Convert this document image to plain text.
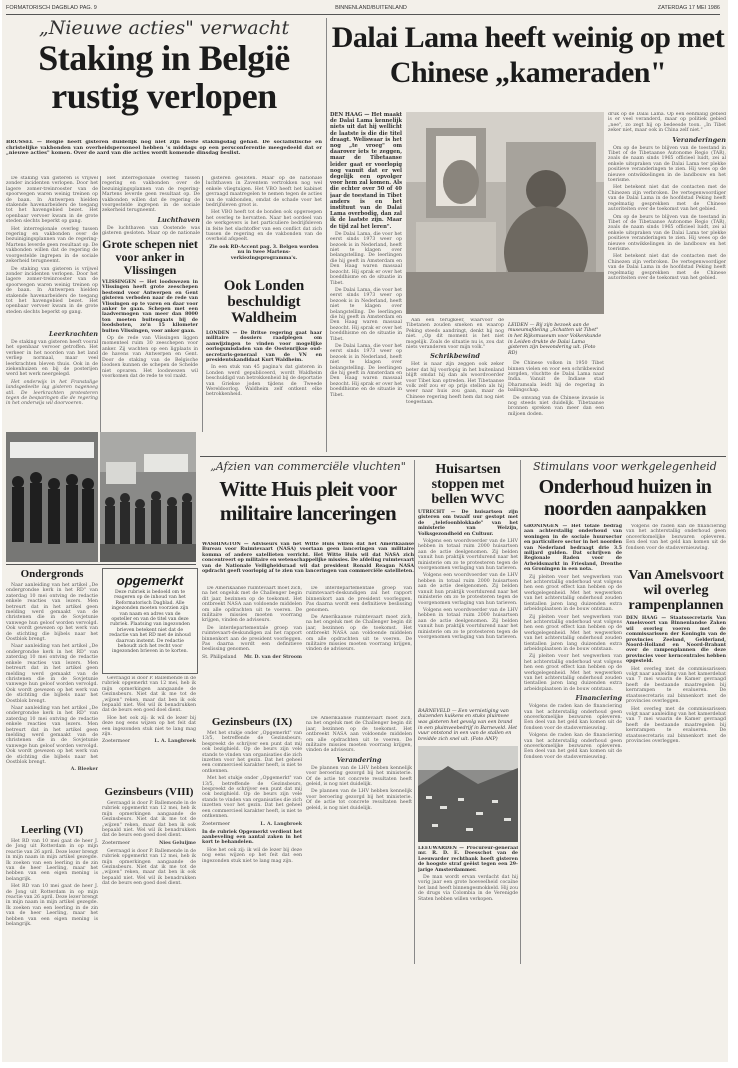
FORMATORISCH DAGBLAD PAG. 9	BINNENLAND/BUITENLAND	ZATERDAG 17 MEI 1986
„Nieuwe acties" verwacht
Staking in België
rustig verlopen

BRUSSEL — België heeft gisteren duidelijk nog niet zijn beste stakingsdag gehad. De socialistische en christelijke vakbonden van overheidspersoneel hebben 's middags op een persconferentie meegedeeld dat er „nieuwe acties" komen. Over de aard van die acties wordt komende dinsdag beslist.

De staking van gisteren is vrijwel zonder incidenten verlopen. Door het lagere zomer-treinrooster van de spoorwegen waren weinig treinen op de baan. In Antwerpen hielden stakende havenarbeiders de toegang tot het havengebied bezet. Het openbaar vervoer kwam in de grote steden slechts beperkt op gang.

Het interregionale overleg tussen regering en vakbonden over de bezuinigingsplannen van de regering-Martens leverde geen resultaat op. De vakbonden willen dat de regering de voorgestelde ingrepen in de sociale zekerheid terugneemt.

De staking van gisteren is vrijwel zonder incidenten verlopen. Door het lagere zomer-treinrooster van de spoorwegen waren weinig treinen op de baan. In Antwerpen hielden stakende havenarbeiders de toegang tot het havengebied bezet. Het openbaar vervoer kwam in de grote steden slechts beperkt op gang.

Het interregionale overleg tussen regering en vakbonden over de bezuinigingsplannen van de regering-Martens leverde geen resultaat op. De vakbonden willen dat de regering de voorgestelde ingrepen in de sociale zekerheid terugneemt.

Luchthaven

De luchthaven van Oostende was gisteren gesloten. Maar op de nationale

Leerkrachten

De staking van gisteren heeft vooral het openbaar vervoer getroffen. Het verkeer in het noorden van het land verliep normaal, maar veel leerkrachten bleven thuis. Ook in de ziekenhuizen en bij de posterijen werd het werk neergelegd.

Het onderwijs in het Franstalige landsgedeelte lag gisteren nagenoeg stil. De leerkrachten protesteren tegen de besparingen die de regering in het onderwijs wil doorvoeren.

Grote schepen niet voor anker in Vlissingen

VLISSINGEN — Het loodswezen in Vlissingen heeft grote zeeschepen bestemd voor Antwerpen en Gent gisteren verboden naar de rede van Vlissingen op te varen en daar voor anker te gaan. Schepen met een laadvermogen van meer dan 8000 ton moeten buitengaats bij de loodsboten, zo'n 15 kilometer buiten Vlissingen, voor anker gaan.

Op de rede van Vlissingen liggen momenteel ruim 30 zeeschepen voor anker. Zij wachten op een ligplaats in de havens van Antwerpen en Gent. Door de staking van de Belgische loodsen kunnen de schepen de Schelde niet opvaren. Het loodswezen wil voorkomen dat de rede te vol raakt.

gisteren gesloten. Maar op de nationale luchthaven in Zaventem vertrokken nog wel enkele vliegtuigen. Het VBO heeft het kabinet gevraagd maatregelen te nemen tegen de acties van de vakbonden, omdat de schade voor het bedrijfsleven groot is.

Het VBO heeft tot de bonden ook opgeroepen het overleg te hervatten. Naar het oordeel van de werkgevers is het particuliere bedrijfsleven in feite het slachtoffer van een conflict dat zich tussen de regering en de vakbonden van de overheid afspeelt.

Zie ook RD-Accent pag. 3. Belgen worden nu in twee Martens-verkiezingsprogramma's.

Ook Londen beschuldigt Waldheim

LONDEN — De Britse regering gaat haar militaire dossiers raadplegen om aanwijzingen te vinden voor mogelijke oorlogsmisdaden van de Oostenrijkse oud-secretaris-generaal van de VN en presidentskandidaat Kurt Waldheim.

In een stuk van 45 pagina's dat gisteren in Londen werd gepubliceerd, wordt Waldheim beschuldigd van betrokkenheid bij de deportatie van Griekse joden tijdens de Tweede Wereldoorlog. Waldheim zelf ontkent elke betrokkenheid.

Ondergronds

Naar aanleiding van het artikel „De ondergrondse kerk in het RD" van zaterdag 10 mei ontving de redactie enkele reacties van lezers. Men betreurt dat in het artikel geen melding werd gemaakt van de christenen die in de Sovjetunie vanwege hun geloof worden vervolgd. Ook wordt gewezen op het werk van de stichting die bijbels naar het Oostblok brengt.

Naar aanleiding van het artikel „De ondergrondse kerk in het RD" van zaterdag 10 mei ontving de redactie enkele reacties van lezers. Men betreurt dat in het artikel geen melding werd gemaakt van de christenen die in de Sovjetunie vanwege hun geloof worden vervolgd. Ook wordt gewezen op het werk van de stichting die bijbels naar het Oostblok brengt.

Naar aanleiding van het artikel „De ondergrondse kerk in het RD" van zaterdag 10 mei ontving de redactie enkele reacties van lezers. Men betreurt dat in het artikel geen melding werd gemaakt van de christenen die in de Sovjetunie vanwege hun geloof worden vervolgd. Ook wordt gewezen op het werk van de stichting die bijbels naar het Oostblok brengt.

A. Bleeker
Leerling (VI)

Het RD van 10 mei gaat de heer J. de Jong uit Rotterdam in op mijn reactie van 26 april. Deze lezer brengt in mijn naam in mijn artikel gezegde. Ik zoeken van een leerling in de zin van de heer Leerling, maar het hebben van een eigen mening is belangrijk.

Het RD van 10 mei gaat de heer J. de Jong uit Rotterdam in op mijn reactie van 26 april. Deze lezer brengt in mijn naam in mijn artikel gezegde. Ik zoeken van een leerling in de zin van de heer Leerling, maar het hebben van een eigen mening is belangrijk.

opgemerkt
Deze rubriek is bedoeld om te reageren op de inhoud van het Reformatorisch Dagblad. Alle ingezonden moeten voorzien zijn van naam en adres van de opsteller en van de titel van deze rubriek. Plaatsing van ingezonden brieven betekent niet dat de redactie van het RD met de inhoud daarvan instemt. De redactie behoudt zich het recht voor ingezonden brieven in te korten.

Gevraagd is door P. Ballemende in de rubriek opgemerkt van 12 mei, heb ik mijn opmerkingen aangaande de Gezinsbeurs. Niet dat ik me tot de „wijzen" reken, maar dat ben ik ook bepaald niet. Wel wil ik benadrukken dat de beurs een goed doel dient.

Hoe het ook zij: ik wil de lezer bij deze nog eens wijzen op het feit dat een ingezonden stuk niet te lang mag zijn.

Zoetermeer	L. A. Langbroek
Gezinsbeurs (VIII)

Gevraagd is door P. Ballemende in de rubriek opgemerkt van 12 mei, heb ik mijn opmerkingen aangaande de Gezinsbeurs. Niet dat ik me tot de „wijzen" reken, maar dat ben ik ook bepaald niet. Wel wil ik benadrukken dat de beurs een goed doel dient.

Zoetermeer	Nies Geluijme

Gevraagd is door P. Ballemende in de rubriek opgemerkt van 12 mei, heb ik mijn opmerkingen aangaande de Gezinsbeurs. Niet dat ik me tot de „wijzen" reken, maar dat ben ik ook bepaald niet. Wel wil ik benadrukken dat de beurs een goed doel dient.

Dalai Lama heeft weinig op met Chinese „kameraden"

DEN HAAG — Het maakt de Dalai Lama kennelijk niets uit dat hij wellicht de laatste is die die titel draagt. Weliswaar is het nog „te vroeg" om daarover iets te zeggen, maar de Tibetaanse leider gaat er voorlopig nog vanuit dat er wel degelijk een opvolger voor hem zal komen. Als die echter over 50 of 40 jaar de toestand in Tibet anders is en het instituut van de Dalai Lama overbodig, dan zal ik de laatste zijn. Maar de tijd zal het leren".

De Dalai Lama, die voor het eerst sinds 1973 weer op bezoek is in Nederland, heeft niet te klagen over belangstelling. De leerlingen die hij geeft in Amsterdam en Den Haag waren massaal bezocht. Hij sprak er over het boeddhisme en de situatie in Tibet.

De Dalai Lama, die voor het eerst sinds 1973 weer op bezoek is in Nederland, heeft niet te klagen over belangstelling. De leerlingen die hij geeft in Amsterdam en Den Haag waren massaal bezocht. Hij sprak er over het boeddhisme en de situatie in Tibet.

De Dalai Lama, die voor het eerst sinds 1973 weer op bezoek is in Nederland, heeft niet te klagen over belangstelling. De leerlingen die hij geeft in Amsterdam en Den Haag waren massaal bezocht. Hij sprak er over het boeddhisme en de situatie in Tibet.

Aan een terugkeer, waarvoor de Tibetanen zouden smeken en waarop Peking steeds aandringt, denkt hij nog niet. „Op dit moment is het niet mogelijk. Zoals de situatie nu is, zou dat niets veranderen voor mijn volk."

Schrikbewind

Het is naar zijn zeggen ook zeker beter dat hij voorlopig in het buitenland blijft omdat hij dan als woordvoerder voor Tibet kan optreden. Het Tibetaanse volk zelf zou er op prijs stellen als hij weer naar huis zou gaan, maar de Chinese regering heeft hem dat nog niet toegestaan.

LEIDEN — Bij zijn bezoek aan de museumafdeling „Schatten uit Tibet" in het Rijksmuseum voor Volkenkunde in Leiden drukte de Dalai Lama gisteren zijn bewondering uit. (Foto RD)

De Chinese volken in 1950 Tibet binnen vielen en voor een schrikbewind zorgden, vluchtte de Dalai Lama naar India. Vanuit de Indiase stad Dharamsala leidt hij de regering in ballingschap.

De omvang van de Chinese invasie is nog steeds niet duidelijk. Tibetaanse bronnen spreken van meer dan een miljoen doden.

druk op de Dalai Lama. Op een eenmalig gebied is er veel veranderd, maar op politiek gebied „nee", zo zegt hij op bedeesde toon. „In Tibet zeker niet, maar ook in China zelf niet."

Veranderingen

Om op de beurs te blijven van de toestand in Tibet of de Tibetaanse Autonome Regio (TAR), zoals de naam sinds 1965 officieel luidt, zei al enkele uitspraken van de Dalai Lama ter plekke positieve veranderingen te zien. Hij wees op de nieuwe ontwikkelingen in de landbouw en het toerisme.

Het betekent niet dat de contacten met de Chinezen zijn verbroken. De vertegenwoordiger van de Dalai Lama in de hoofdstad Peking heeft regelmatig gesprekken met de Chinese autoriteiten over de toekomst van het gebied.

Om op de beurs te blijven van de toestand in Tibet of de Tibetaanse Autonome Regio (TAR), zoals de naam sinds 1965 officieel luidt, zei al enkele uitspraken van de Dalai Lama ter plekke positieve veranderingen te zien. Hij wees op de nieuwe ontwikkelingen in de landbouw en het toerisme.

Het betekent niet dat de contacten met de Chinezen zijn verbroken. De vertegenwoordiger van de Dalai Lama in de hoofdstad Peking heeft regelmatig gesprekken met de Chinese autoriteiten over de toekomst van het gebied.

„Afzien van commerciële vluchten"
Witte Huis pleit voor militaire lanceringen

WASHINGTON — Adviseurs van het Witte Huis willen dat het Amerikaanse Bureau voor Ruimtevaart (NASA) voortaan geen lanceringen van militaire komma of andere satellieten verricht. Het Witte Huis wil dat NASA zich concentreert op militaire en wetenschappelijke missies. De afdeling ruimtevaart van de Nationale Veiligheidsraad wil dat president Ronald Reagan NASA opdracht geeft voorlopig af te zien van lanceringen van commerciële satellieten.

De Amerikaanse ruimtevaart moet zich, na het ongeluk met de Challenger begin dit jaar, bezinnen op de toekomst. Het ontbreekt NASA aan voldoende middelen om alle opdrachten uit te voeren. De militaire missies moeten voorrang krijgen, vinden de adviseurs.

De interdepartementale groep van ruimtevaart-deskundigen zal het rapport binnenkort aan de president voorleggen. Pas daarna wordt een definitieve beslissing genomen.

St. Philipsland Mr. D. van der Stroom

De interdepartementale groep van ruimtevaart-deskundigen zal het rapport binnenkort aan de president voorleggen. Pas daarna wordt een definitieve beslissing genomen.

De Amerikaanse ruimtevaart moet zich, na het ongeluk met de Challenger begin dit jaar, bezinnen op de toekomst. Het ontbreekt NASA aan voldoende middelen om alle opdrachten uit te voeren. De militaire missies moeten voorrang krijgen, vinden de adviseurs.

Gezinsbeurs (IX)

Met het stukje onder „Opgemerkt" van 13/5, betreffende de Gezinsbeurs, bespreekt de schrijver een punt dat mij ook bezighield. Op de beurs zijn vele stands te vinden van organisaties die zich inzetten voor het gezin. Dat het geheel een commercieel karakter heeft, is niet te ontkennen.

Met het stukje onder „Opgemerkt" van 13/5, betreffende de Gezinsbeurs, bespreekt de schrijver een punt dat mij ook bezighield. Op de beurs zijn vele stands te vinden van organisaties die zich inzetten voor het gezin. Dat het geheel een commercieel karakter heeft, is niet te ontkennen.

Zoetermeer	L. A. Langbroek

In de rubriek Opgemerkt verdient het aanbeveling een aantal zaken in het kort te behandelen.

Hoe het ook zij: ik wil de lezer bij deze nog eens wijzen op het feit dat een ingezonden stuk niet te lang mag zijn.

De Amerikaanse ruimtevaart moet zich, na het ongeluk met de Challenger begin dit jaar, bezinnen op de toekomst. Het ontbreekt NASA aan voldoende middelen om alle opdrachten uit te voeren. De militaire missies moeten voorrang krijgen, vinden de adviseurs.

Verandering

De plannen van de LHV hebben kennelijk voor beroering gezorgd bij het ministerie. Of de actie tot concrete resultaten heeft geleid, is nog niet duidelijk.

De plannen van de LHV hebben kennelijk voor beroering gezorgd bij het ministerie. Of de actie tot concrete resultaten heeft geleid, is nog niet duidelijk.

Huisartsen stoppen met bellen WVC

UTRECHT — De huisartsen zijn gisteren om twaalf uur gestopt met de „telefoonblokkade" van het ministerie van Welzijn, Volksgezondheid en Cultuur.

Volgens een woordvoerder van de LHV hebben in totaal ruim 2000 huisartsen aan de actie deelgenomen. Zij belden vanuit hun praktijk voortdurend naar het ministerie om zo te protesteren tegen de voorgenomen verlaging van hun tarieven.

Volgens een woordvoerder van de LHV hebben in totaal ruim 2000 huisartsen aan de actie deelgenomen. Zij belden vanuit hun praktijk voortdurend naar het ministerie om zo te protesteren tegen de voorgenomen verlaging van hun tarieven.

Volgens een woordvoerder van de LHV hebben in totaal ruim 2000 huisartsen aan de actie deelgenomen. Zij belden vanuit hun praktijk voortdurend naar het ministerie om zo te protesteren tegen de voorgenomen verlaging van hun tarieven.

BARNEVELD — Een vernietiging van duizenden kuikens en stuks pluimvee was gisteren het gevolg van een brand in een pluimveebedrijf in Barneveld. Het vuur ontstond in een van de stallen en breidde zich snel uit. (Foto ANP)

LEEUWARDEN — Procureur-generaal mr. R. D. E. Doesschot van de Leeuwarder rechtbank hoeft gisteren de hoogste straf geëist tegen een 29-jarige Amsterdammer.

De man wordt ervan verdacht dat hij vorig jaar een grote hoeveelheid cocaïne het land heeft binnengesmokkeld. Hij zou de drugs via Colombia in de Verenigde Staten hebben willen verkopen.

Stimulans voor werkgelegenheid
Onderhoud huizen in noorden aanpakken

GRONINGEN — Het totale bedrag aan achterstallig onderhoud van woningen in de sociale huursector en particuliere sector in het noorden van Nederland bedraagt drie 3.5 miljard gulden. Dat schrijven de Regionale Raden voor de Arbeidsmarkt in Friesland, Drenthe en Groningen in een nota.

Zij pleiten voor het wegwerken van het achterstallig onderhoud wat volgens hen een groot effect kan hebben op de werkgelegenheid. Met het wegwerken van het achterstallig onderhoud zouden tientallen jaren lang duizenden extra arbeidsplaatsen in de bouw ontstaan.

Zij pleiten voor het wegwerken van het achterstallig onderhoud wat volgens hen een groot effect kan hebben op de werkgelegenheid. Met het wegwerken van het achterstallig onderhoud zouden tientallen jaren lang duizenden extra arbeidsplaatsen in de bouw ontstaan.

Zij pleiten voor het wegwerken van het achterstallig onderhoud wat volgens hen een groot effect kan hebben op de werkgelegenheid. Met het wegwerken van het achterstallig onderhoud zouden tientallen jaren lang duizenden extra arbeidsplaatsen in de bouw ontstaan.

Financiering

Volgens de raden kan de financiering van het achterstallig onderhoud geen onoverkomelijke bezwaren opleveren. Een deel van het geld kan komen uit de fondsen voor de stadsvernieuwing.

Volgens de raden kan de financiering van het achterstallig onderhoud geen onoverkomelijke bezwaren opleveren. Een deel van het geld kan komen uit de fondsen voor de stadsvernieuwing.

Volgens de raden kan de financiering van het achterstallig onderhoud geen onoverkomelijke bezwaren opleveren. Een deel van het geld kan komen uit de fondsen voor de stadsvernieuwing.

Van Amelsvoort wil overleg rampenplannen

DEN HAAG — Staatssecretaris Van Amelsvoort van Binnenlandse Zaken wil overleg voeren met de commissarissen der Koningin van de provincies Zeeland, Gelderland, Noord-Holland en Noord-Brabant over de rampenplannen die deze provincies voor kerncentrales hebben opgesteld.

Het overleg met de commissarissen volgt naar aanleiding van het kamerdebat van 7 mei waarin de Kamer gevraagd heeft de bestaande maatregelen bij kernrampen te evalueren. De staatssecretaris zal binnenkort met de provincies overleggen.

Het overleg met de commissarissen volgt naar aanleiding van het kamerdebat van 7 mei waarin de Kamer gevraagd heeft de bestaande maatregelen bij kernrampen te evalueren. De staatssecretaris zal binnenkort met de provincies overleggen.
